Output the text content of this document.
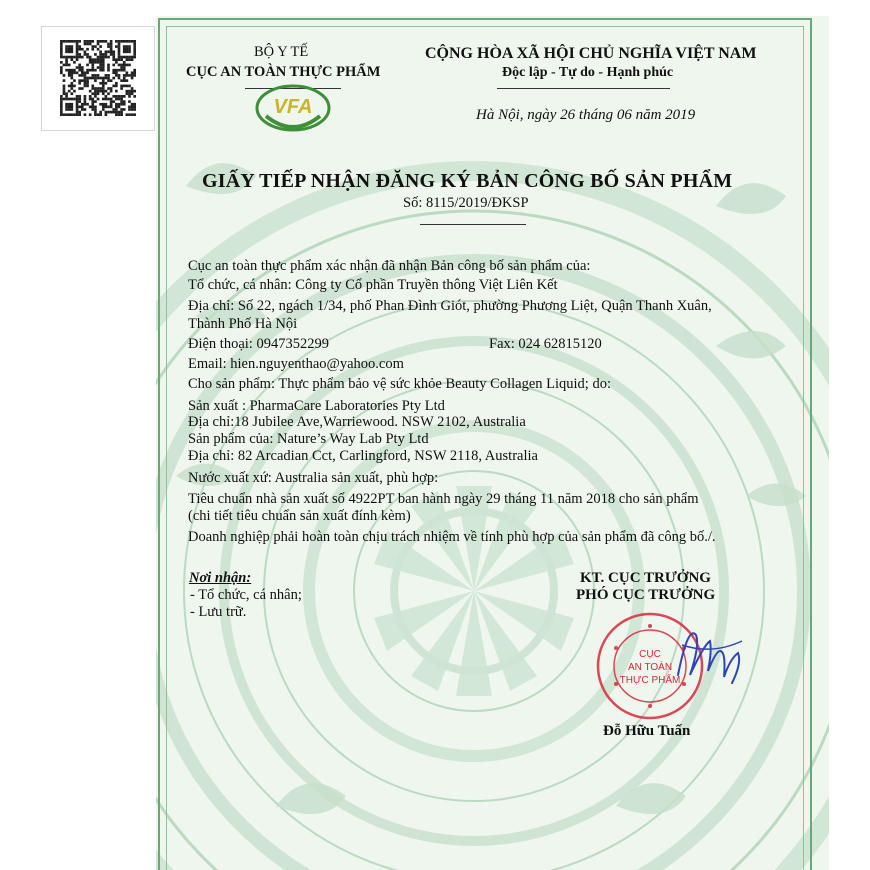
BỘ Y TẾ
CỤC AN TOÀN THỰC PHẨM
VFA
CỘNG HÒA XÃ HỘI CHỦ NGHĨA VIỆT NAM
Độc lập - Tự do - Hạnh phúc
Hà Nội, ngày 26 tháng 06 năm 2019
GIẤY TIẾP NHẬN ĐĂNG KÝ BẢN CÔNG BỐ SẢN PHẨM
Số: 8115/2019/ĐKSP
Cục an toàn thực phẩm xác nhận đã nhận Bản công bố sản phẩm của:
Tổ chức, cá nhân: Công ty Cổ phần Truyền thông Việt Liên Kết
Địa chỉ: Số 22, ngách 1/34, phố Phan Đình Giót, phường Phương Liệt, Quận Thanh Xuân,
Thành Phố Hà Nội
Điện thoại: 0947352299	Fax: 024 62815120
Email: hien.nguyenthao@yahoo.com
Cho sản phẩm: Thực phẩm bảo vệ sức khỏe Beauty Collagen Liquid; do:
Sản xuất : PharmaCare Laboratories Pty Ltd
Địa chỉ:18 Jubilee Ave,Warriewood. NSW 2102, Australia
Sản phẩm của: Nature’s Way Lab Pty Ltd
Địa chỉ: 82 Arcadian Cct, Carlingford, NSW 2118, Australia
Nước xuất xứ: Australia sản xuất, phù hợp:
Tiêu chuẩn nhà sản xuất số 4922PT ban hành ngày 29 tháng 11 năm 2018 cho sản phẩm
(chi tiết tiêu chuẩn sản xuất đính kèm)
Doanh nghiệp phải hoàn toàn chịu trách nhiệm về tính phù hợp của sản phẩm đã công bố./.
Nơi nhận:
- Tổ chức, cá nhân;
- Lưu trữ.
KT. CỤC TRƯỞNG
PHÓ CỤC TRƯỞNG
CỤC
AN TOÀN
THỰC PHẨM
Đỗ Hữu Tuấn
